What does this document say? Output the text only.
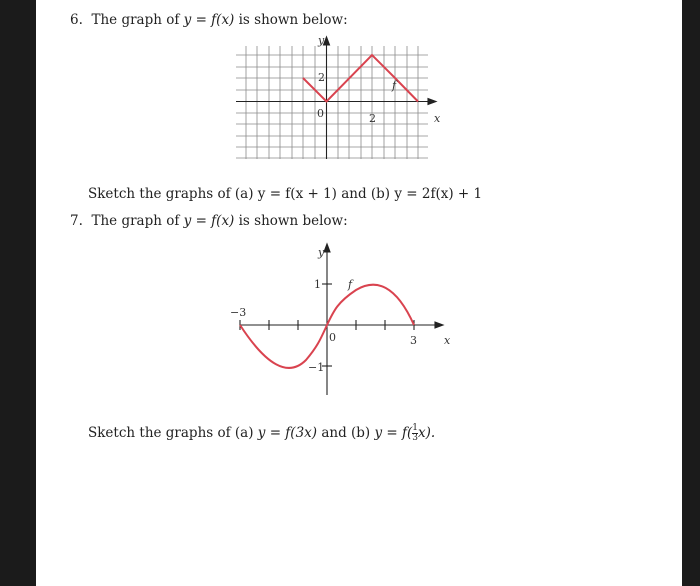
6. The graph of y = f(x) is shown below:
y
x
f
0	2
2
Sketch the graphs of (a) y = f(x + 1) and (b) y = 2f(x) + 1
7. The graph of y = f(x) is shown below:
y
x
f
0
1
−1
−3
3
Sketch the graphs of (a) y = f(3x) and (b) $y = f( \frac{1}{3} x)$.
